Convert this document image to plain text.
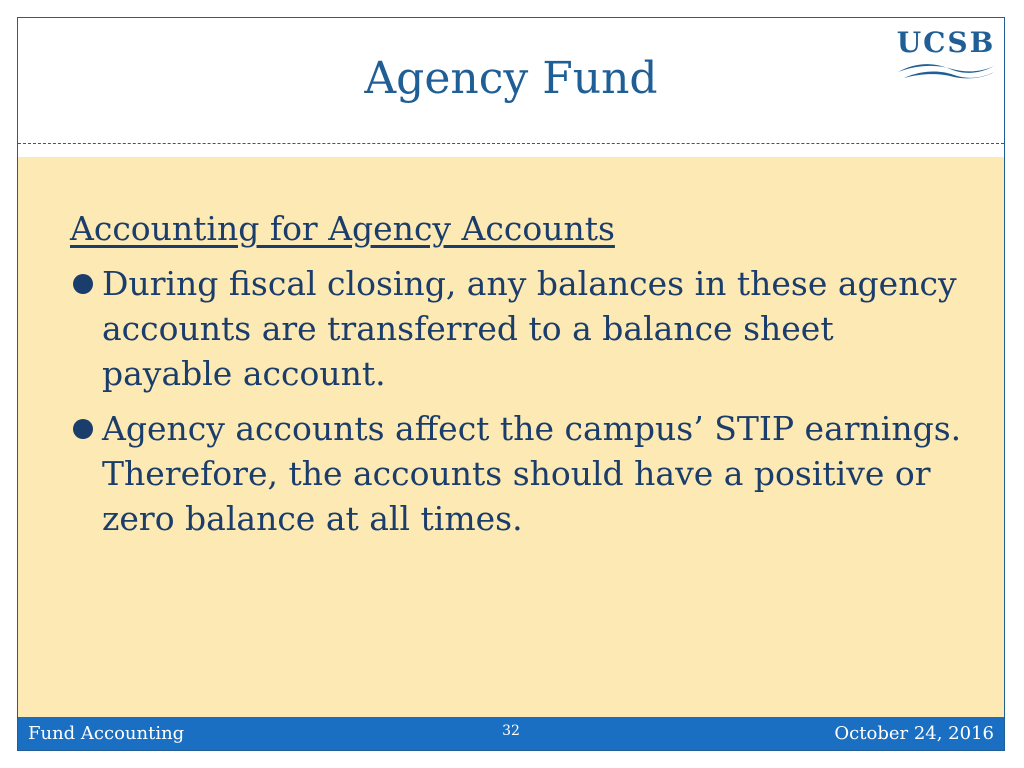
Agency Fund
UCSB

Accounting for Agency Accounts

During fiscal closing, any balances in these agency accounts are transferred to a balance sheet payable account.
Agency accounts affect the campus’ STIP earnings. Therefore, the accounts should have a positive or zero balance at all times.
Fund Accounting	32	October 24, 2016
